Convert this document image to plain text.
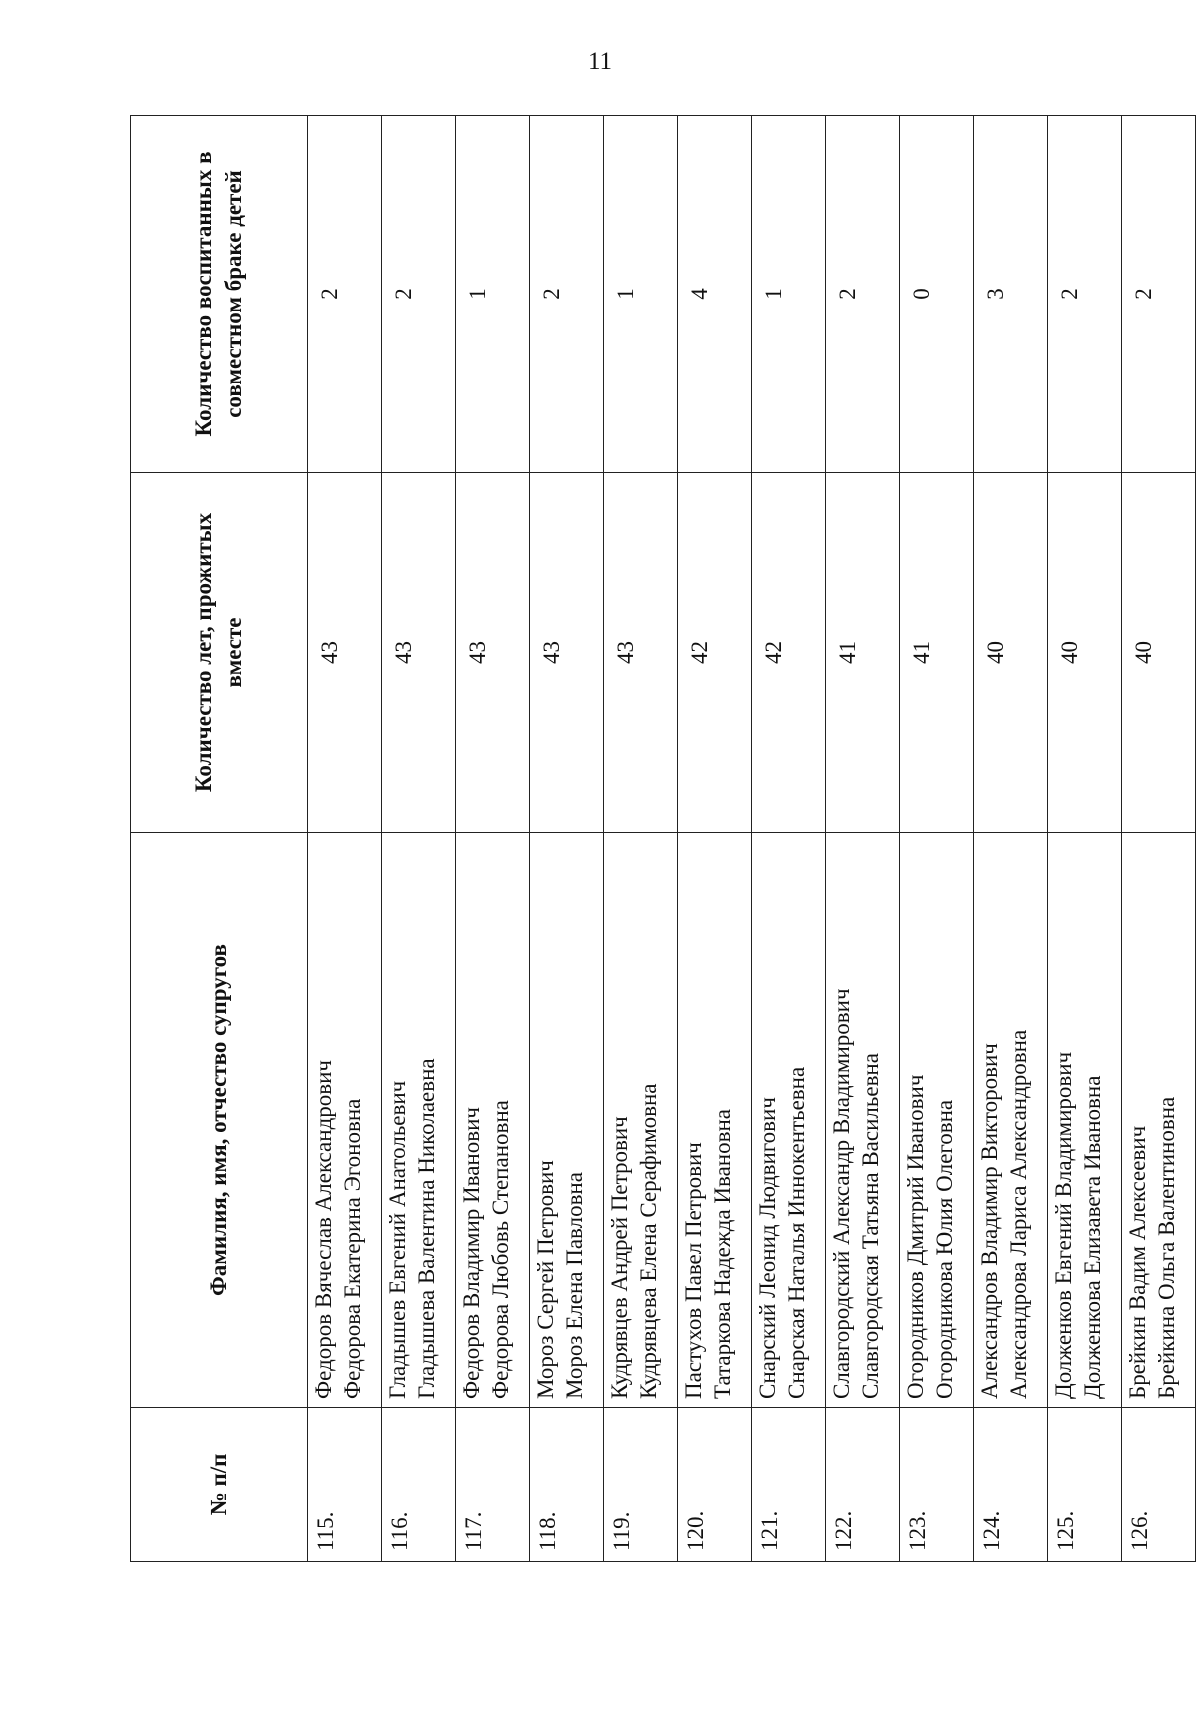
11
№ п/п	Фамилия, имя, отчество супругов	Количество лет, прожитых вместе	Количество воспитанных в совместном браке детей
115.	Федоров Вячеслав Александрович Федорова Екатерина Эгоновна	43	2
116.	Гладышев Евгений Анатольевич Гладышева Валентина Николаевна	43	2
117.	Федоров Владимир Иванович Федорова Любовь Степановна	43	1
118.	Мороз Сергей Петрович Мороз Елена Павловна	43	2
119.	Кудрявцев Андрей Петрович Кудрявцева Елена Серафимовна	43	1
120.	Пастухов Павел Петрович Татаркова Надежда Ивановна	42	4
121.	Снарский Леонид Людвигович Снарская Наталья Иннокентьевна	42	1
122.	Славгородский Александр Владимирович Славгородская Татьяна Васильевна	41	2
123.	Огородников Дмитрий Иванович Огородникова Юлия Олеговна	41	0
124.	Александров Владимир Викторович Александрова Лариса Александровна	40	3
125.	Долженков Евгений Владимирович Долженкова Елизавета Ивановна	40	2
126.	Брейкин Вадим Алексеевич Брейкина Ольга Валентиновна	40	2
